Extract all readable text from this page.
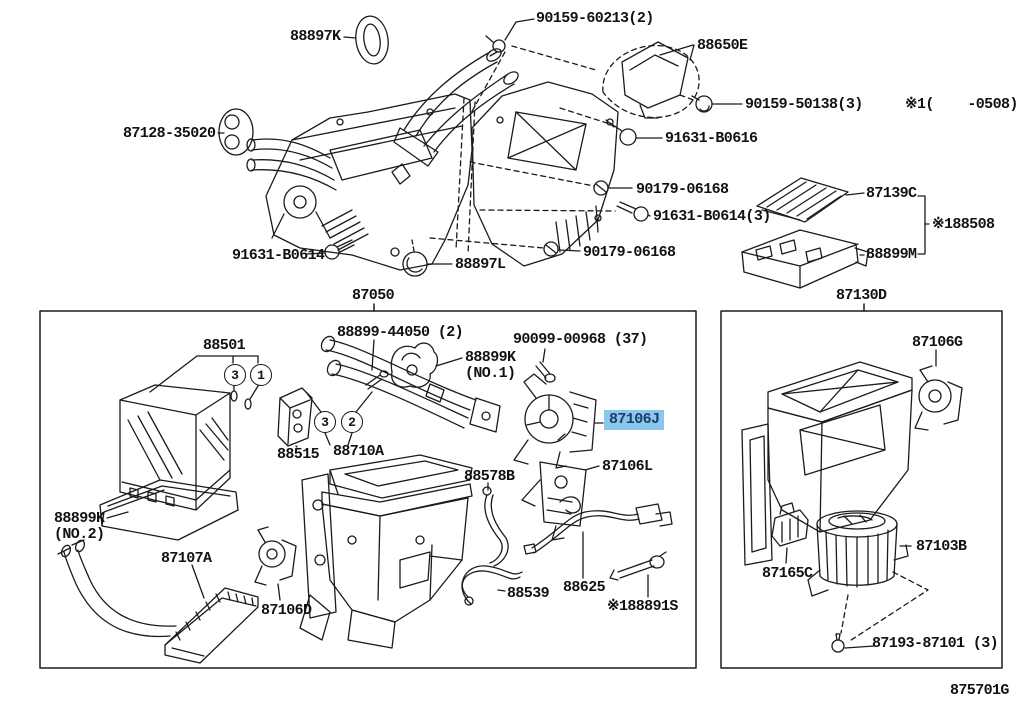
88897K
90159-60213(2)
88650E
90159-50138(3)	※1(    -0508)
91631-B0616
87128-35020
90179-06168
91631-B0614(3)
90179-06168
91631-B0614
88897L
87139C
※188508
88899M
87050	87130D
88501
88899-44050 (2)
88899K
(NO.1)
90099-00968 (37)
87106J
88515 88710A
88578B
87106L
88899K
(NO.2)
87107A
87106D
88539 88625
※188891S
87106G
87103B
87165C
87193-87101 (3)
875701G
3	1
3	2
